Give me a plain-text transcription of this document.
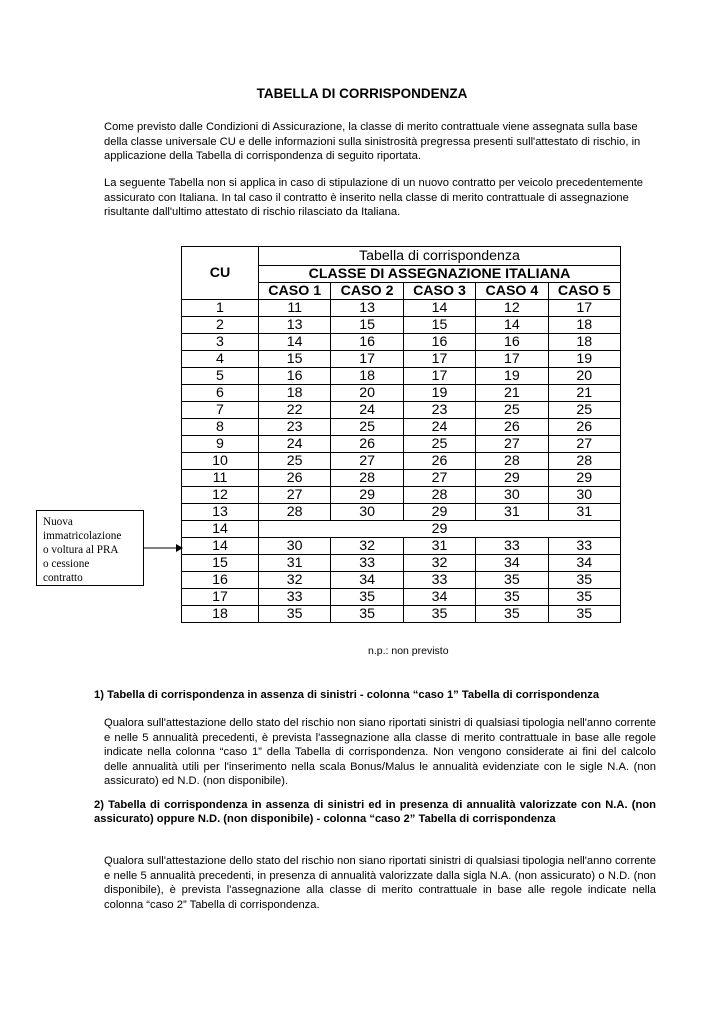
TABELLA DI CORRISPONDENZA

Come previsto dalle Condizioni di Assicurazione, la classe di merito contrattuale viene assegnata sulla base della classe universale CU e delle informazioni sulla sinistrosità pregressa presenti sull'attestato di rischio, in applicazione della Tabella di corrispondenza di seguito riportata.

La seguente Tabella non si applica in caso di stipulazione di un nuovo contratto per veicolo precedentemente assicurato con Italiana. In tal caso il contratto è inserito nella classe di merito contrattuale di assegnazione risultante dall'ultimo attestato di rischio rilasciato da Italiana.

CU	Tabella di corrispondenza				
	CLASSE DI ASSEGNAZIONE ITALIANA				
	CASO 1	CASO 2	CASO 3	CASO 4	CASO 5
1	11	13	14	12	17
2	13	15	15	14	18
3	14	16	16	16	18
4	15	17	17	17	19
5	16	18	17	19	20
6	18	20	19	21	21
7	22	24	23	25	25
8	23	25	24	26	26
9	24	26	25	27	27
10	25	27	26	28	28
11	26	28	27	29	29
12	27	29	28	30	30
13	28	30	29	31	31
14	29				
14	30	32	31	33	33
15	31	33	32	34	34
16	32	34	33	35	35
17	33	35	34	35	35
18	35	35	35	35	35
n.p.: non previsto
Nuova
immatricolazione
o voltura al PRA
o cessione
contratto

1) Tabella di corrispondenza in assenza di sinistri - colonna “caso 1” Tabella di corrispondenza

Qualora sull'attestazione dello stato del rischio non siano riportati sinistri di qualsiasi tipologia nell'anno corrente e nelle 5 annualità precedenti, è prevista l'assegnazione alla classe di merito contrattuale in base alle regole indicate nella colonna “caso 1” della Tabella di corrispondenza. Non vengono considerate ai fini del calcolo delle annualità utili per l'inserimento nella scala Bonus/Malus le annualità evidenziate con le sigle N.A. (non assicurato) ed N.D. (non disponibile).

2) Tabella di corrispondenza in assenza di sinistri ed in presenza di annualità valorizzate con N.A. (non assicurato) oppure N.D. (non disponibile) - colonna “caso 2” Tabella di corrispondenza

Qualora sull'attestazione dello stato del rischio non siano riportati sinistri di qualsiasi tipologia nell'anno corrente e nelle 5 annualità precedenti, in presenza di annualità valorizzate dalla sigla N.A. (non assicurato) o N.D. (non disponibile), è prevista l'assegnazione alla classe di merito contrattuale in base alle regole indicate nella colonna “caso 2” Tabella di corrispondenza.
